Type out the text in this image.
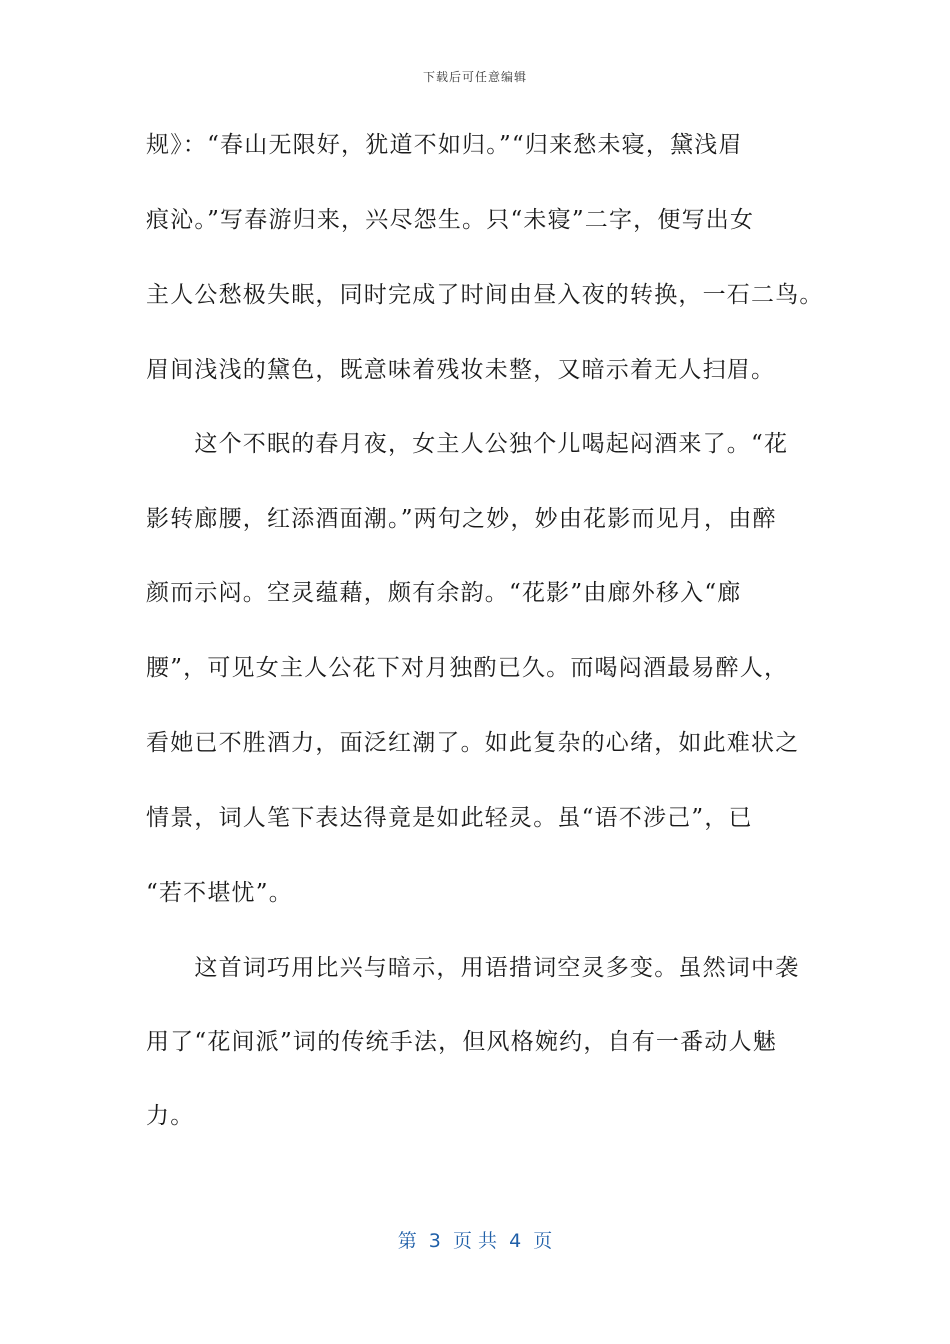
下载后可任意编辑
规》：“春山无限好，犹道不如归。”“归来愁未寝，黛浅眉
痕沁。”写春游归来，兴尽怨生。只“未寝”二字，便写出女
主人公愁极失眠，同时完成了时间由昼入夜的转换，一石二鸟。
眉间浅浅的黛色，既意味着残妆未整，又暗示着无人扫眉。
　　这个不眠的春月夜，女主人公独个儿喝起闷酒来了。“花
影转廊腰，红添酒面潮。”两句之妙，妙由花影而见月，由醉
颜而示闷。空灵蕴藉，颇有余韵。“花影”由廊外移入“廊
腰”，可见女主人公花下对月独酌已久。而喝闷酒最易醉人，
看她已不胜酒力，面泛红潮了。如此复杂的心绪，如此难状之
情景，词人笔下表达得竟是如此轻灵。虽“语不涉己”，已
“若不堪忧”。
　　这首词巧用比兴与暗示，用语措词空灵多变。虽然词中袭
用了“花间派”词的传统手法，但风格婉约，自有一番动人魅
力。
第  3  页 共  4  页
